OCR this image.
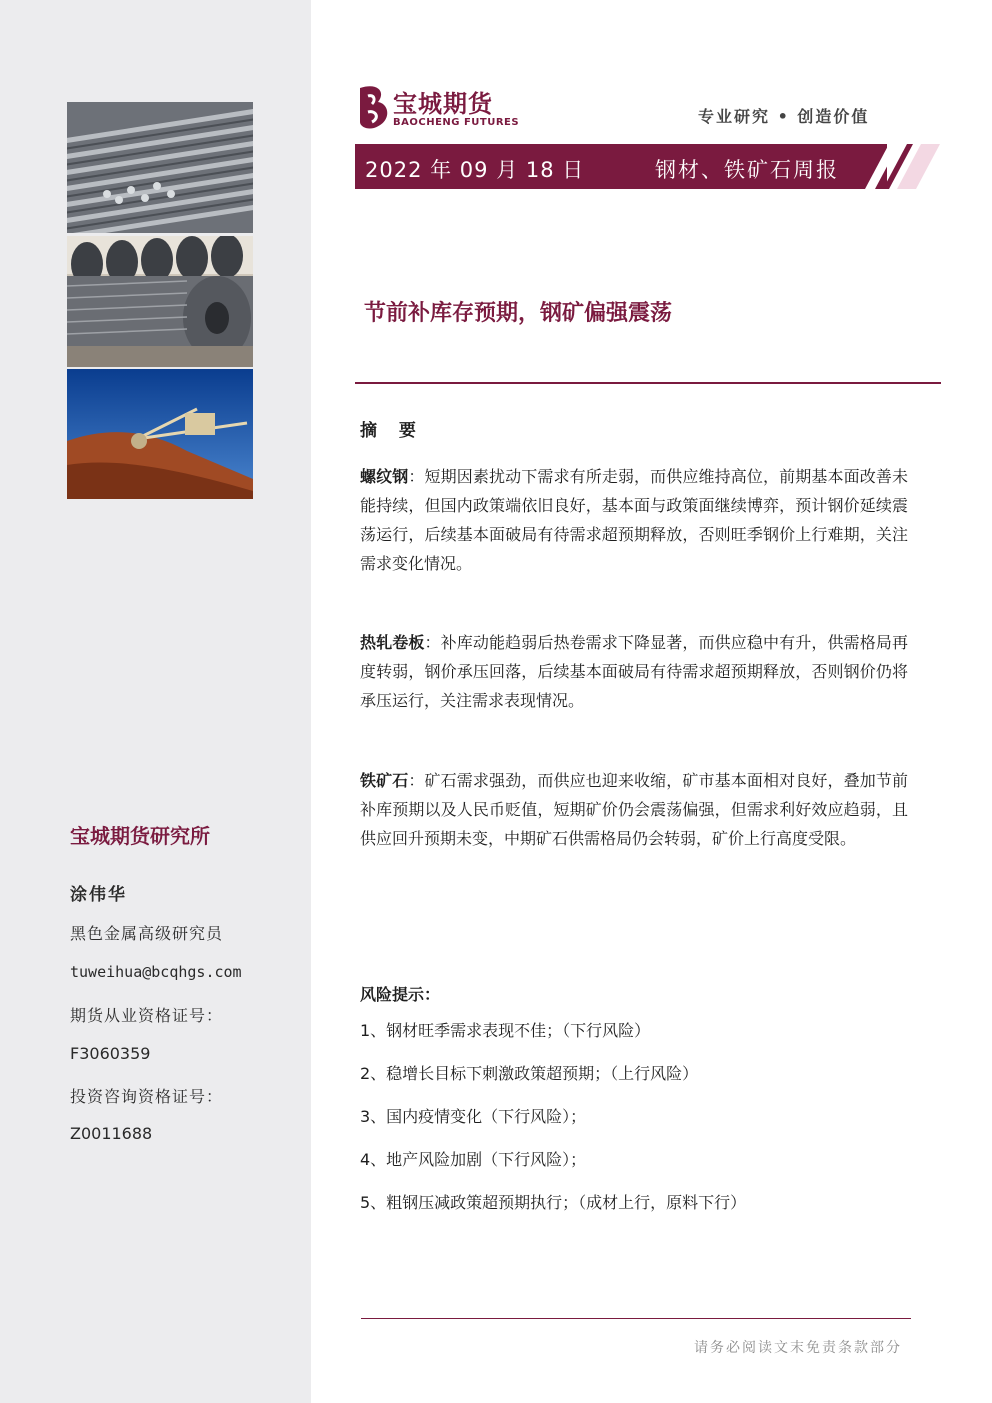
宝城期货研究所
涂伟华
黑色金属高级研究员
tuweihua@bcqhgs.com
期货从业资格证号：
F3060359
投资咨询资格证号：
Z0011688
宝城期货
BAOCHENG FUTURES	专业研究 • 创造价值
2022 年 09 月 18 日	钢材、铁矿石周报
节前补库存预期，钢矿偏强震荡
摘 要
螺纹钢：短期因素扰动下需求有所走弱，而供应维持高位，前期基本面改善未能持续，但国内政策端依旧良好，基本面与政策面继续博弈，预计钢价延续震荡运行，后续基本面破局有待需求超预期释放，否则旺季钢价上行难期，关注需求变化情况。
热轧卷板：补库动能趋弱后热卷需求下降显著，而供应稳中有升，供需格局再度转弱，钢价承压回落，后续基本面破局有待需求超预期释放，否则钢价仍将承压运行，关注需求表现情况。
铁矿石：矿石需求强劲，而供应也迎来收缩，矿市基本面相对良好，叠加节前补库预期以及人民币贬值，短期矿价仍会震荡偏强，但需求利好效应趋弱，且供应回升预期未变，中期矿石供需格局仍会转弱，矿价上行高度受限。
风险提示：
1、钢材旺季需求表现不佳；（下行风险）
2、稳增长目标下刺激政策超预期；（上行风险）
3、国内疫情变化（下行风险）；
4、地产风险加剧（下行风险）；
5、粗钢压减政策超预期执行；（成材上行，原料下行）
请务必阅读文末免责条款部分
